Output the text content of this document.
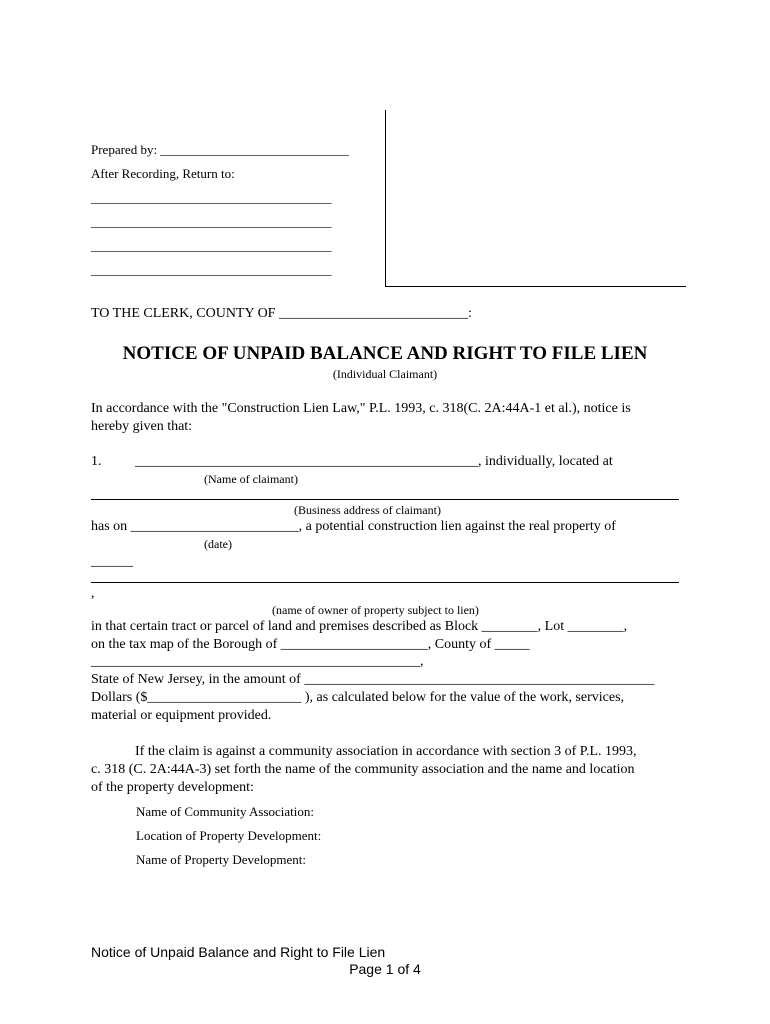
Prepared by: _____________________________
After Recording, Return to:
_____________________________________
_____________________________________
_____________________________________
_____________________________________
TO THE CLERK, COUNTY OF ___________________________:
NOTICE OF UNPAID BALANCE AND RIGHT TO FILE LIEN
(Individual Claimant)
In accordance with the "Construction Lien Law," P.L. 1993, c. 318(C. 2A:44A-1 et al.), notice is
hereby given that:
1. _________________________________________________, individually, located at
(Name of claimant)
(Business address of claimant)
has on ________________________, a potential construction lien against the real property of
(date)
______
,
(name of owner of property subject to lien)
in that certain tract or parcel of land and premises described as Block ________, Lot ________,
on the tax map of the Borough of _____________________, County of _____
_______________________________________________,
State of New Jersey, in the amount of __________________________________________________
Dollars ($______________________ ), as calculated below for the value of the work, services,
material or equipment provided.
If the claim is against a community association in accordance with section 3 of P.L. 1993,
c. 318 (C. 2A:44A-3) set forth the name of the community association and the name and location
of the property development:
Name of Community Association:
Location of Property Development:
Name of Property Development:
Notice of Unpaid Balance and Right to File Lien
Page 1 of 4
